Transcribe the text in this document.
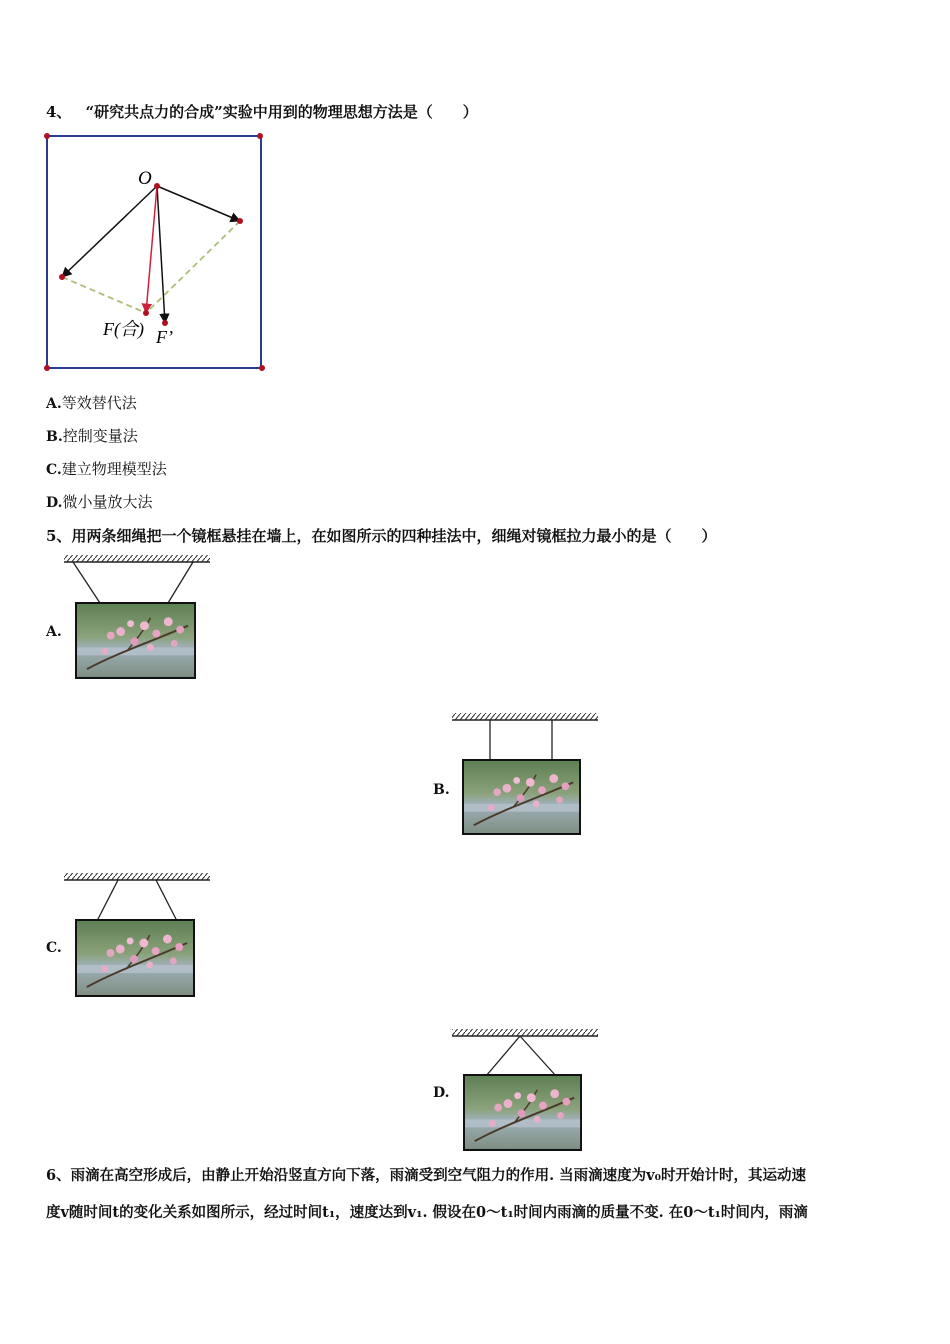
4、 “研究共点力的合成”实验中用到的物理思想方法是（　　）
O
F(合) F’
A.等效替代法
B.控制变量法
C.建立物理模型法
D.微小量放大法
5、用两条细绳把一个镜框悬挂在墙上，在如图所示的四种挂法中，细绳对镜框拉力最小的是（　　）
A.
B.
C.
D.
6、雨滴在高空形成后，由静止开始沿竖直方向下落，雨滴受到空气阻力的作用. 当雨滴速度为v₀时开始计时，其运动速
度v随时间t的变化关系如图所示，经过时间t₁，速度达到v₁. 假设在0～t₁时间内雨滴的质量不变. 在0～t₁时间内，雨滴
